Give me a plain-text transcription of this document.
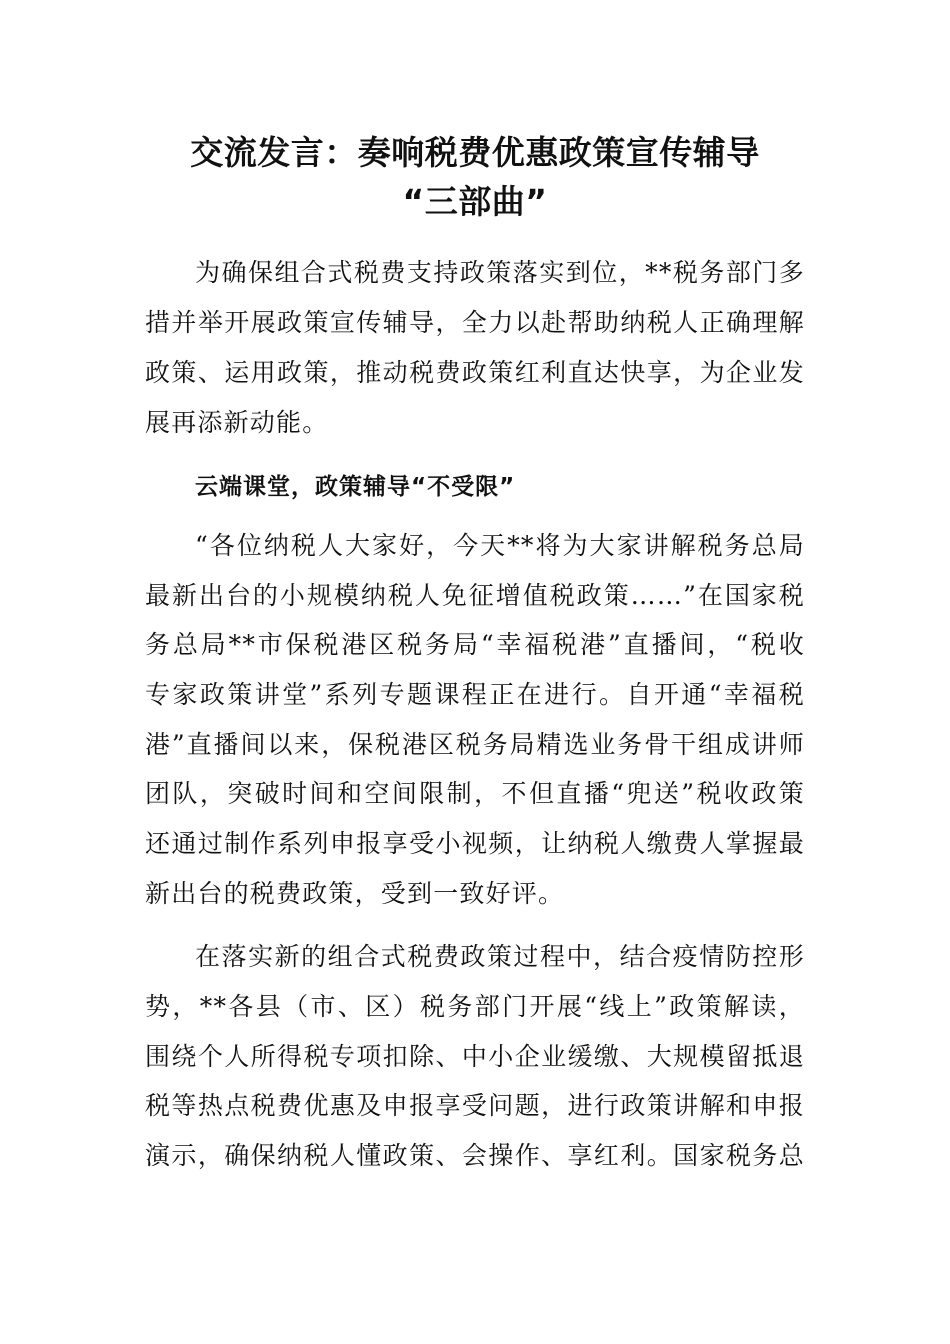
交流发言：奏响税费优惠政策宣传辅导
“三部曲”
为确保组合式税费支持政策落实到位，**税务部门多
措并举开展政策宣传辅导，全力以赴帮助纳税人正确理解
政策、运用政策，推动税费政策红利直达快享，为企业发
展再添新动能。
云端课堂，政策辅导“不受限”
“各位纳税人大家好，今天**将为大家讲解税务总局
最新出台的小规模纳税人免征增值税政策……”在国家税
务总局**市保税港区税务局“幸福税港”直播间，“税收
专家政策讲堂”系列专题课程正在进行。自开通“幸福税
港”直播间以来，保税港区税务局精选业务骨干组成讲师
团队，突破时间和空间限制，不但直播“兜送”税收政策
还通过制作系列申报享受小视频，让纳税人缴费人掌握最
新出台的税费政策，受到一致好评。
在落实新的组合式税费政策过程中，结合疫情防控形
势，**各县（市、区）税务部门开展“线上”政策解读，
围绕个人所得税专项扣除、中小企业缓缴、大规模留抵退
税等热点税费优惠及申报享受问题，进行政策讲解和申报
演示，确保纳税人懂政策、会操作、享红利。国家税务总
